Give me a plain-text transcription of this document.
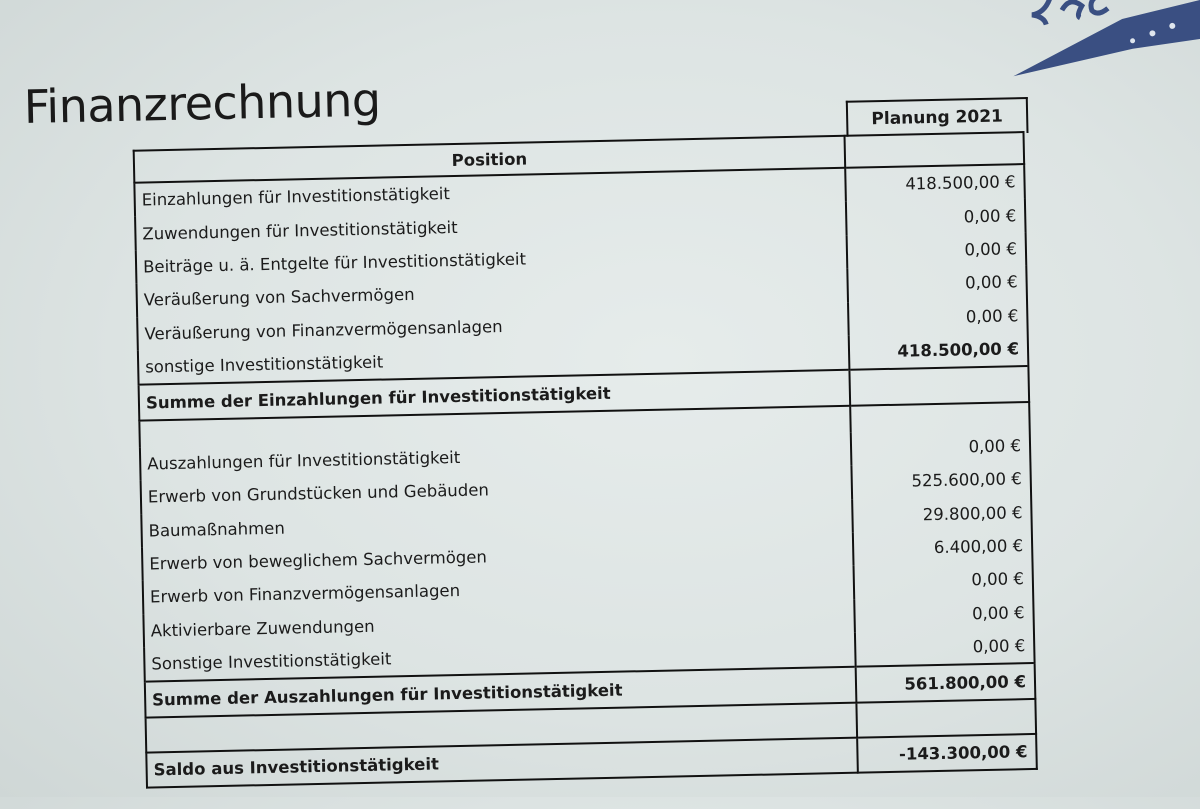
Finanzrechnung	Planung 2021
Position	
Einzahlungen für Investitionstätigkeit	418.500,00 €
Zuwendungen für Investitionstätigkeit	0,00 €
Beiträge u. ä. Entgelte für Investitionstätigkeit	0,00 €
Veräußerung von Sachvermögen	0,00 €
Veräußerung von Finanzvermögensanlagen	0,00 €
sonstige Investitionstätigkeit	418.500,00 €
Summe der Einzahlungen für Investitionstätigkeit	

Auszahlungen für Investitionstätigkeit	0,00 €
Erwerb von Grundstücken und Gebäuden	525.600,00 €
Baumaßnahmen	29.800,00 €
Erwerb von beweglichem Sachvermögen	6.400,00 €
Erwerb von Finanzvermögensanlagen	0,00 €
Aktivierbare Zuwendungen	0,00 €
Sonstige Investitionstätigkeit	0,00 €
Summe der Auszahlungen für Investitionstätigkeit	561.800,00 €

Saldo aus Investitionstätigkeit	-143.300,00 €
